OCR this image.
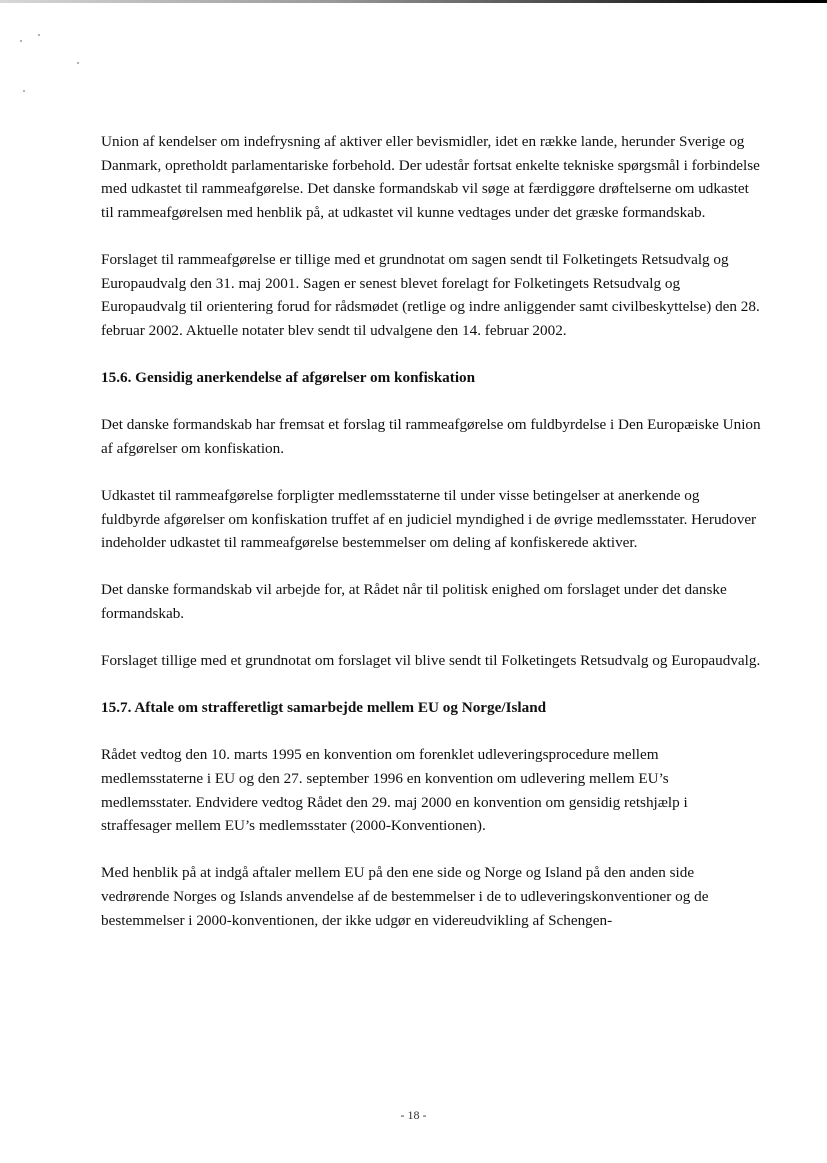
Union af kendelser om indefrysning af aktiver eller bevismidler, idet en række lande, herunder Sverige og Danmark, opretholdt parlamentariske forbehold. Der udestår fortsat enkelte tekniske spørgsmål i forbindelse med udkastet til rammeafgørelse. Det danske formandskab vil søge at færdiggøre drøftelserne om udkastet til rammeafgørelsen med henblik på, at udkastet vil kunne vedtages under det græske formandskab.

Forslaget til rammeafgørelse er tillige med et grundnotat om sagen sendt til Folketingets Retsudvalg og Europaudvalg den 31. maj 2001. Sagen er senest blevet forelagt for Folketingets Retsudvalg og Europaudvalg til orientering forud for rådsmødet (retlige og indre anliggender samt civilbeskyttelse) den 28. februar 2002. Aktuelle notater blev sendt til udvalgene den 14. februar 2002.

15.6. Gensidig anerkendelse af afgørelser om konfiskation

Det danske formandskab har fremsat et forslag til rammeafgørelse om fuldbyrdelse i Den Europæiske Union af afgørelser om konfiskation.

Udkastet til rammeafgørelse forpligter medlemsstaterne til under visse betingelser at anerkende og fuldbyrde afgørelser om konfiskation truffet af en judiciel myndighed i de øvrige medlemsstater. Herudover indeholder udkastet til rammeafgørelse bestemmelser om deling af konfiskerede aktiver.

Det danske formandskab vil arbejde for, at Rådet når til politisk enighed om forslaget under det danske formandskab.

Forslaget tillige med et grundnotat om forslaget vil blive sendt til Folketingets Retsudvalg og Europaudvalg.

15.7. Aftale om strafferetligt samarbejde mellem EU og Norge/Island

Rådet vedtog den 10. marts 1995 en konvention om forenklet udleveringsprocedure mellem medlemsstaterne i EU og den 27. september 1996 en konvention om udlevering mellem EU’s medlemsstater. Endvidere vedtog Rådet den 29. maj 2000 en konvention om gensidig retshjælp i straffesager mellem EU’s medlemsstater (2000-Konventionen).

Med henblik på at indgå aftaler mellem EU på den ene side og Norge og Island på den anden side vedrørende Norges og Islands anvendelse af de bestemmelser i de to udleveringskonventioner og de bestemmelser i 2000-konventionen, der ikke udgør en videreudvikling af Schengen-

- 18 -
